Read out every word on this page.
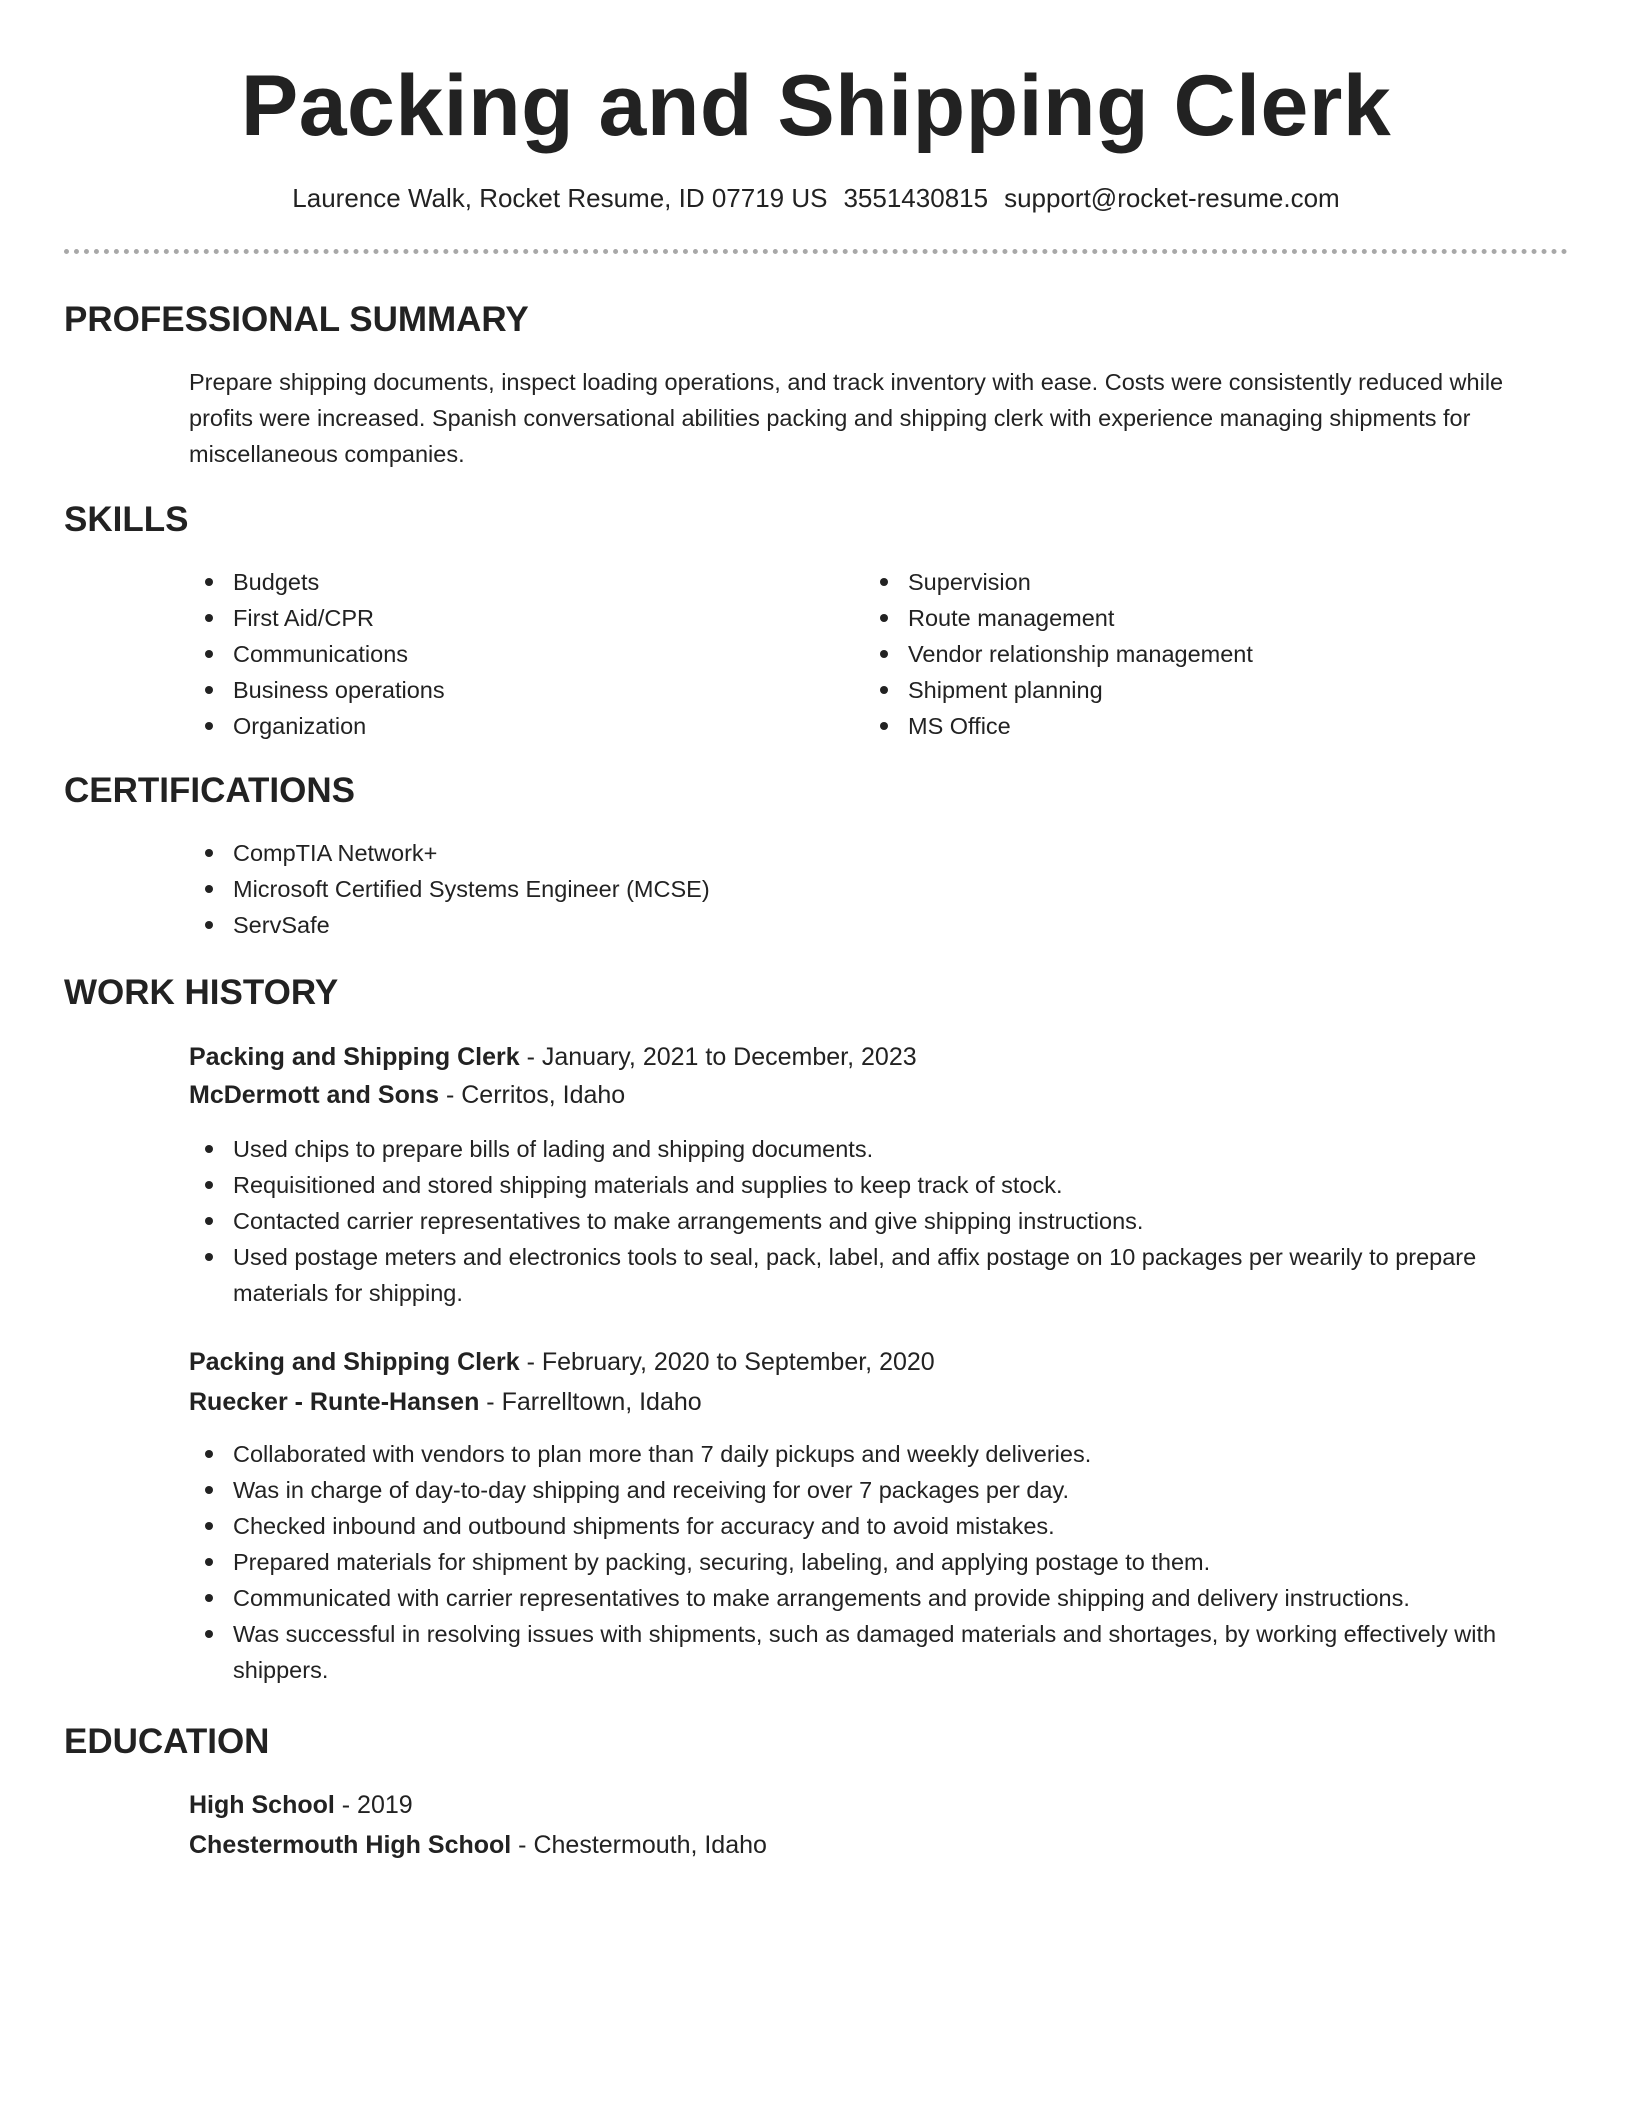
Packing and Shipping Clerk
Laurence Walk, Rocket Resume, ID 07719 US 3551430815 support@rocket-resume.com
PROFESSIONAL SUMMARY

Prepare shipping documents, inspect loading operations, and track inventory with ease. Costs were consistently reduced while profits were increased. Spanish conversational abilities packing and shipping clerk with experience managing shipments for miscellaneous companies.

SKILLS
Budgets
First Aid/CPR
Communications
Business operations
Organization
Supervision
Route management
Vendor relationship management
Shipment planning
MS Office
CERTIFICATIONS
CompTIA Network+
Microsoft Certified Systems Engineer (MCSE)
ServSafe
WORK HISTORY
Packing and Shipping Clerk - January, 2021 to December, 2023
McDermott and Sons - Cerritos, Idaho
Used chips to prepare bills of lading and shipping documents.
Requisitioned and stored shipping materials and supplies to keep track of stock.
Contacted carrier representatives to make arrangements and give shipping instructions.
Used postage meters and electronics tools to seal, pack, label, and affix postage on 10 packages per wearily to prepare materials for shipping.
Packing and Shipping Clerk - February, 2020 to September, 2020
Ruecker - Runte-Hansen - Farrelltown, Idaho
Collaborated with vendors to plan more than 7 daily pickups and weekly deliveries.
Was in charge of day-to-day shipping and receiving for over 7 packages per day.
Checked inbound and outbound shipments for accuracy and to avoid mistakes.
Prepared materials for shipment by packing, securing, labeling, and applying postage to them.
Communicated with carrier representatives to make arrangements and provide shipping and delivery instructions.
Was successful in resolving issues with shipments, such as damaged materials and shortages, by working effectively with shippers.
EDUCATION
High School - 2019
Chestermouth High School - Chestermouth, Idaho
